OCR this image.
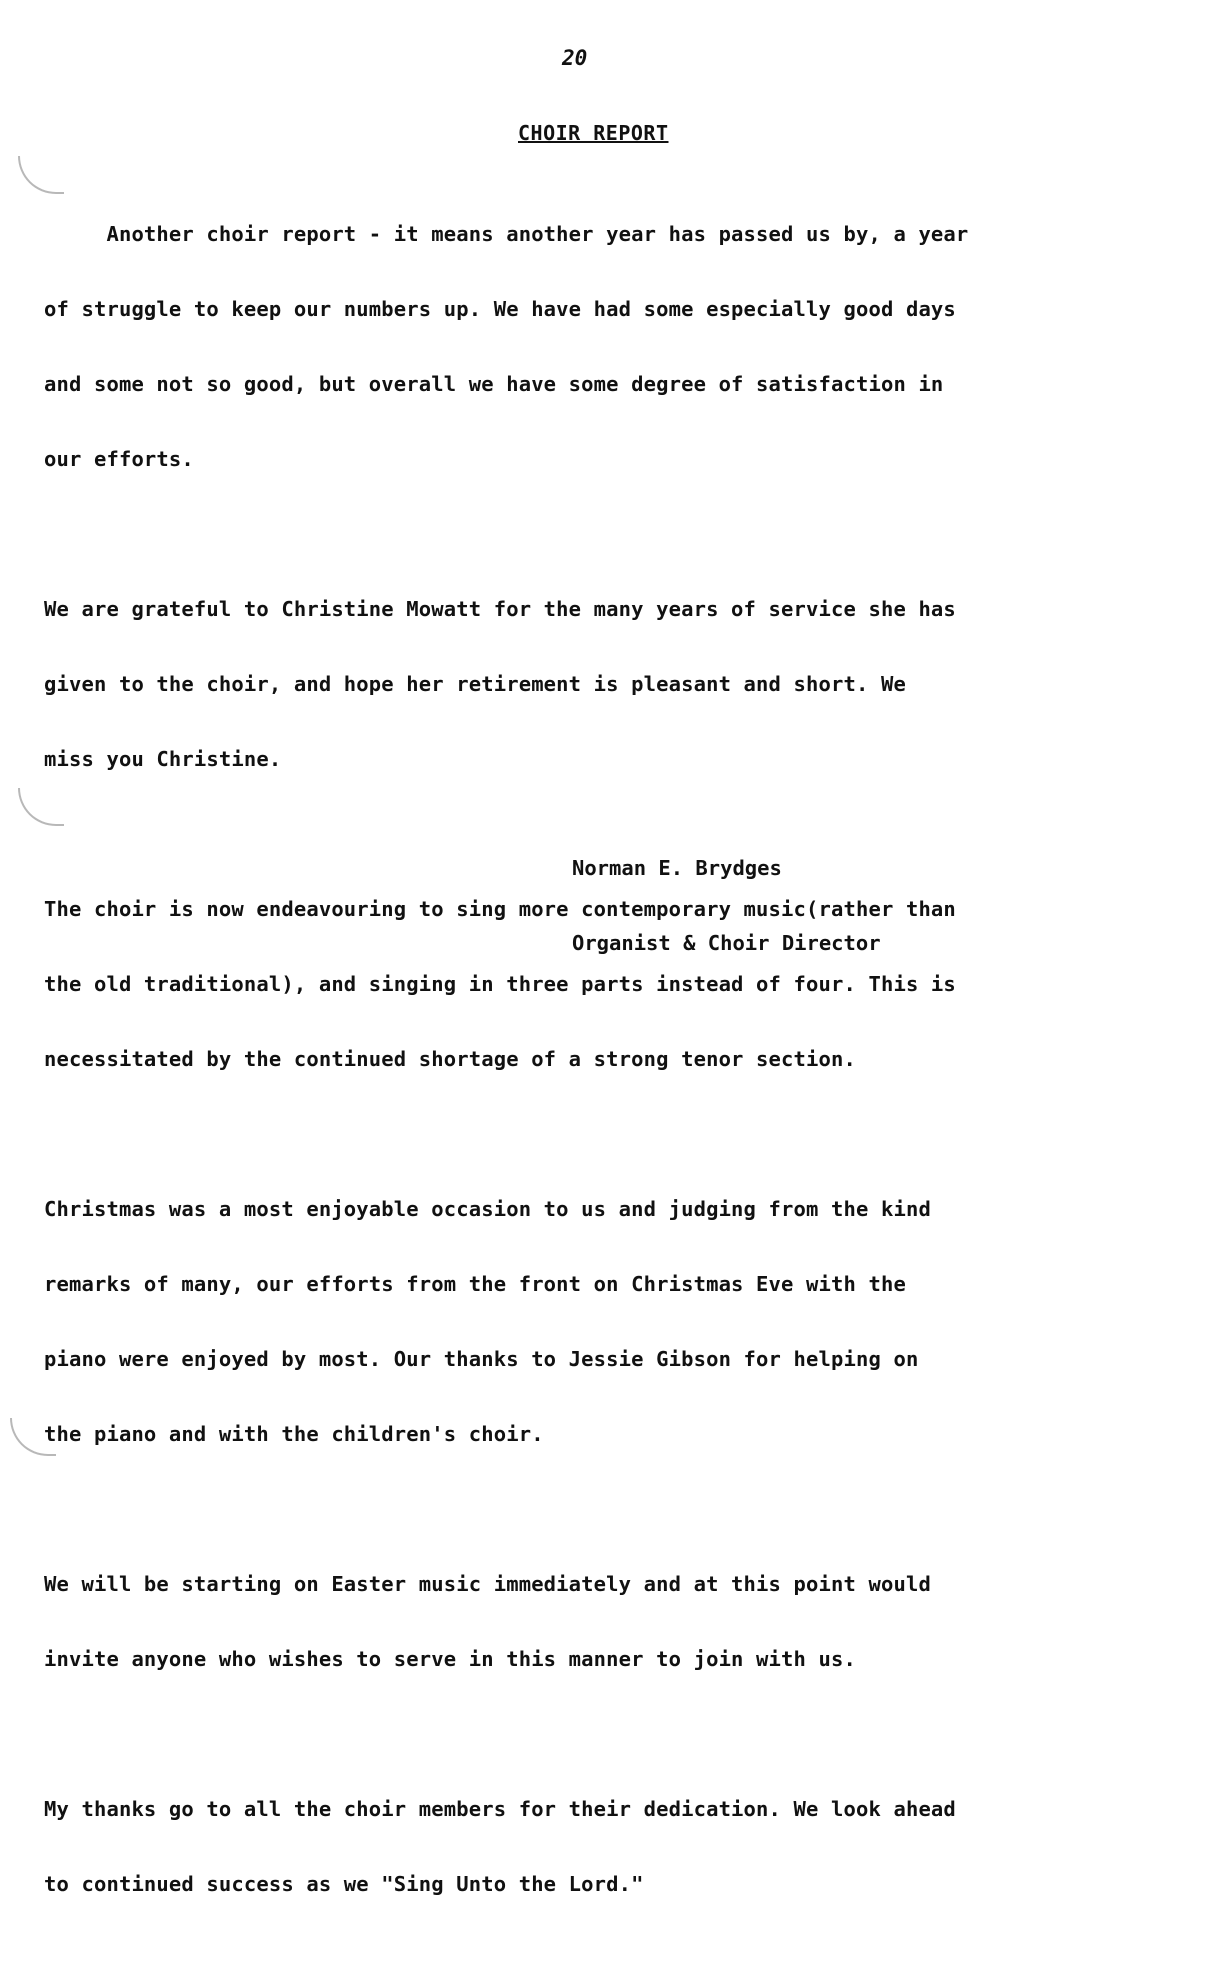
20
CHOIR REPORT

Another choir report - it means another year has passed us by, a year

of struggle to keep our numbers up. We have had some especially good days

and some not so good, but overall we have some degree of satisfaction in

our efforts.

We are grateful to Christine Mowatt for the many years of service she has

given to the choir, and hope her retirement is pleasant and short. We

miss you Christine.

The choir is now endeavouring to sing more contemporary music(rather than

the old traditional), and singing in three parts instead of four. This is

necessitated by the continued shortage of a strong tenor section.

Christmas was a most enjoyable occasion to us and judging from the kind

remarks of many, our efforts from the front on Christmas Eve with the

piano were enjoyed by most. Our thanks to Jessie Gibson for helping on

the piano and with the children's choir.

We will be starting on Easter music immediately and at this point would

invite anyone who wishes to serve in this manner to join with us.

My thanks go to all the choir members for their dedication. We look ahead

to continued success as we "Sing Unto the Lord."

Norman E. Brydges

Organist & Choir Director
